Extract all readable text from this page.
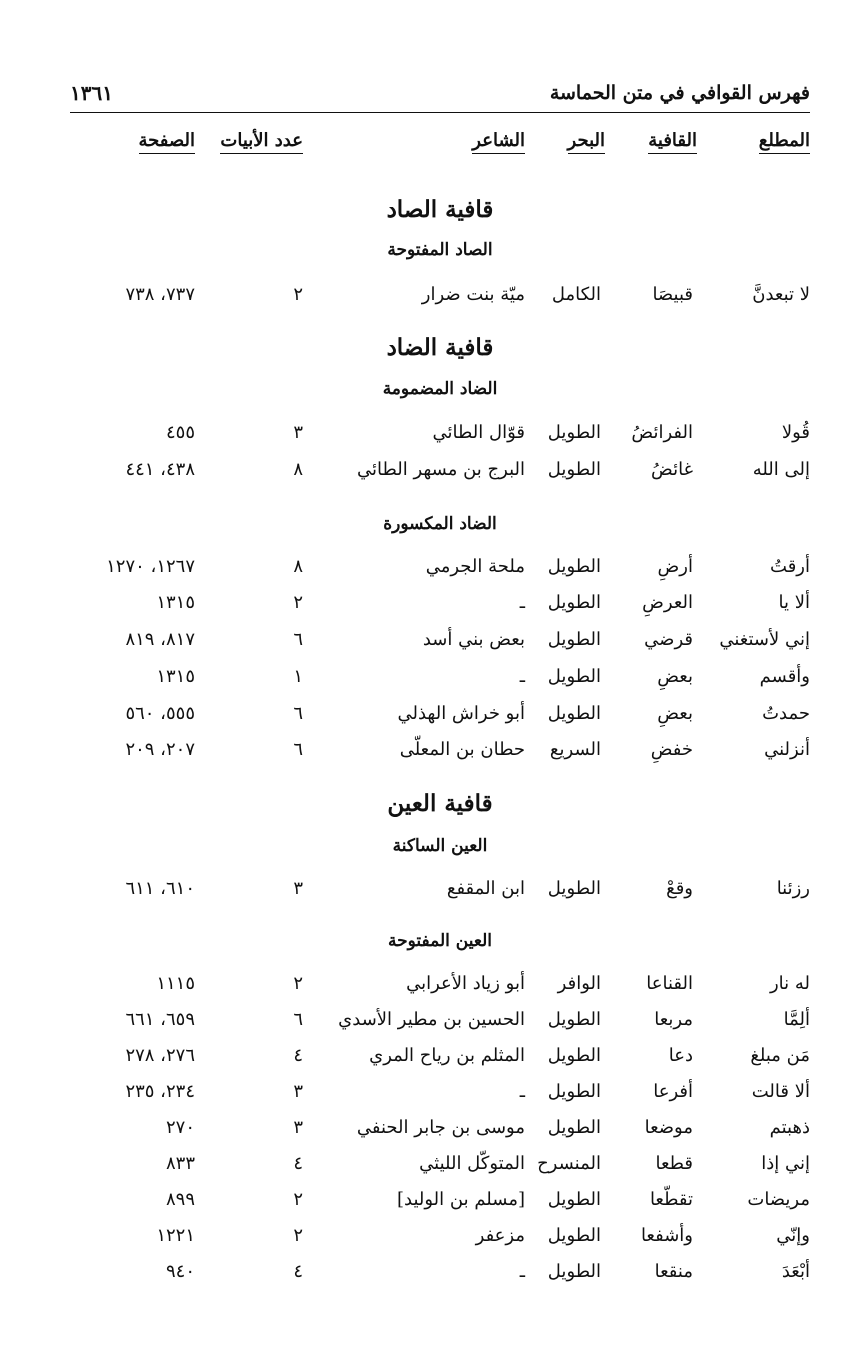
فهرس القوافي في متن الحماسة
١٣٦١
المطلع
القافية
البحر
الشاعر
عدد الأبيات
الصفحة
قافية الصاد
الصاد المفتوحة
قافية الضاد
الضاد المضمومة
الضاد المكسورة
قافية العين
العين الساكنة
العين المفتوحة
لا تبعدنَّ
قبيصَا
الكامل
ميّة بنت ضرار
٢
٧٣٧، ٧٣٨
قُولا
الفرائضُ
الطويل
قوّال الطائي
٣
٤٥٥
إلى الله
غائضُ
الطويل
البرج بن مسهر الطائي
٨
٤٣٨، ٤٤١
أرقتُ
أرضِ
الطويل
ملحة الجرمي
٨
١٢٦٧، ١٢٧٠
ألا يا
العرضِ
الطويل
ـ
٢
١٣١٥
إني لأستغني
قرضي
الطويل
بعض بني أسد
٦
٨١٧، ٨١٩
وأقسم
بعضِ
الطويل
ـ
١
١٣١٥
حمدتُ
بعضِ
الطويل
أبو خراش الهذلي
٦
٥٥٥، ٥٦٠
أنزلني
خفضِ
السريع
حطان بن المعلّى
٦
٢٠٧، ٢٠٩
رزئنا
وقعْ
الطويل
ابن المقفع
٣
٦١٠، ٦١١
له نار
القناعا
الوافر
أبو زياد الأعرابي
٢
١١١٥
ألِمَّا
مربعا
الطويل
الحسين بن مطير الأسدي
٦
٦٥٩، ٦٦١
مَن مبلغ
دعا
الطويل
المثلم بن رياح المري
٤
٢٧٦، ٢٧٨
ألا قالت
أفرعا
الطويل
ـ
٣
٢٣٤، ٢٣٥
ذهبتم
موضعا
الطويل
موسى بن جابر الحنفي
٣
٢٧٠
إني إذا
قطعا
المنسرح
المتوكّل الليثي
٤
٨٣٣
مريضات
تقطّعا
الطويل
[مسلم بن الوليد]
٢
٨٩٩
وإنّي
وأشفعا
الطويل
مزعفر
٢
١٢٢١
أبْعَدَ
منقعا
الطويل
ـ
٤
٩٤٠
